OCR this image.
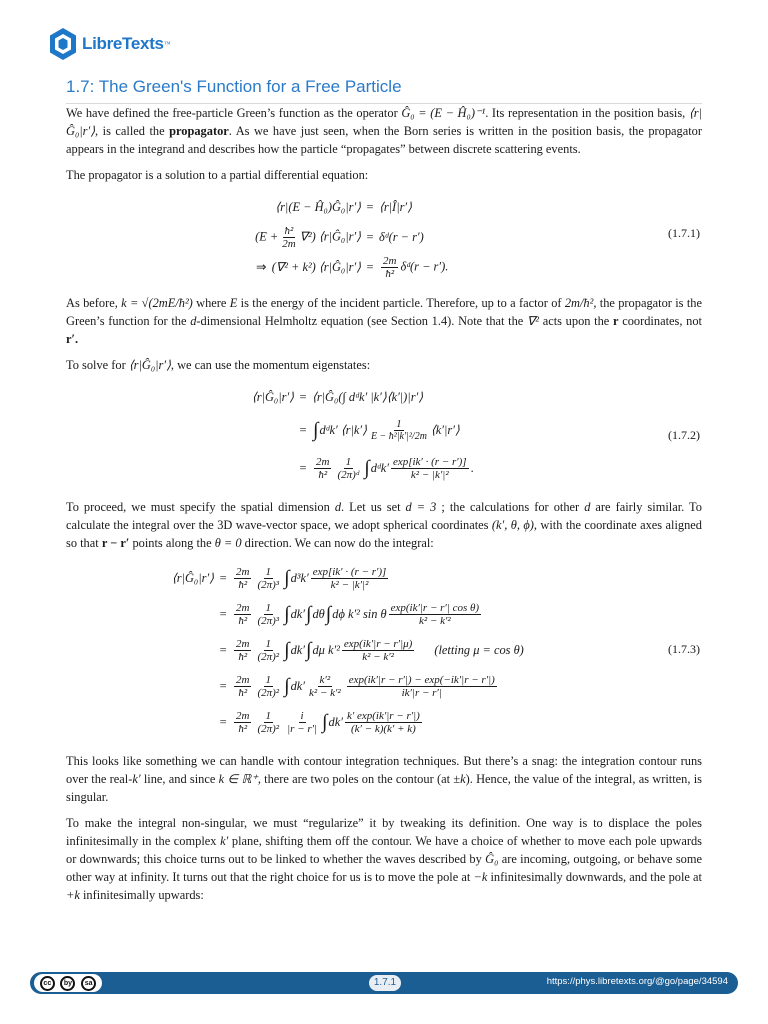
LibreTexts ™
1.7: The Green's Function for a Free Particle

We have defined the free-particle Green’s function as the operator Ĝ₀ = (E − Ĥ₀)⁻¹. Its representation in the position basis, ⟨r|Ĝ₀|r′⟩, is called the propagator. As we have just seen, when the Born series is written in the position basis, the propagator appears in the integrand and describes how the particle “propagates” between discrete scattering events.

The propagator is a solution to a partial differential equation:

(1.7.1)
⟨r|(E − Ĥ₀)Ĝ₀|r′⟩ = ⟨r|Î|r′⟩
$(E + \frac{\text{ħ²}}{2m} \nabla^2)$ ⟨r|Ĝ₀|r′⟩ = δᵈ(r − r′)
⇒ (∇² + k²) ⟨r|Ĝ₀|r′⟩ = $\frac{2m}{\text{ħ²}}$ δᵈ(r − r′).

As before, k = √(2mE/ħ²) where E is the energy of the incident particle. Therefore, up to a factor of 2m/ħ², the propagator is the Green’s function for the d-dimensional Helmholtz equation (see Section 1.4). Note that the ∇² acts upon the r coordinates, not r′.

To solve for ⟨r|Ĝ₀|r′⟩, we can use the momentum eigenstates:

(1.7.2)
⟨r|Ĝ₀|r′⟩ = ⟨r|Ĝ₀(∫ dᵈk′ |k′⟩⟨k′|)|r′⟩
= ∫ dᵈk′ ⟨r|k′⟩ $\frac{1}{\text{E − ħ²|k′|²/2m}}$ ⟨k′|r′⟩
= $\frac{2m}{\text{ħ²}} \frac{1}{\text{(2π)ᵈ}}$ ∫ dᵈk′ $\frac{\exp[ik' \cdot (r - r')]}{\text{k² − |k′|²}}$ .

To proceed, we must specify the spatial dimension d. Let us set d = 3 ; the calculations for other d are fairly similar. To calculate the integral over the 3D wave-vector space, we adopt spherical coordinates (k′, θ, ϕ), with the coordinate axes aligned so that r − r′ points along the θ = 0 direction. We can now do the integral:

(1.7.3)
⟨r|Ĝ₀|r′⟩ = $\frac{2m}{\text{ħ²}} \frac{1}{\text{(2π)³}}$ ∫ $d^3k' \frac{\exp[ik' \cdot (r - r')]}{\text{k² − |k′|²}}$
= $\frac{2m}{\text{ħ²}} \frac{1}{\text{(2π)³}}$ ∫ dk′ ∫ dθ ∫ dϕ k′² sin θ $\frac{\text{exp(ik′|r − r′| cos θ)}}{\text{k² − k′²}}$
= $\frac{2m}{\text{ħ²}} \frac{1}{\text{(2π)²}}$ ∫ dk′ ∫ dμ $k'^2 \frac{\exp(ik'|r - r'|\mu)}{\text{k² − k′²}}$ (letting μ = cos θ)
= $\frac{2m}{\text{ħ²}} \frac{1}{\text{(2π)²}}$ ∫ $dk' \frac{\text{k′²}}{\text{k² − k′²}} \frac{\exp(ik'|r - r'|) - \exp(-ik'|r - r'|)}{ik'|r - r'|}$
= $\frac{2m}{\text{ħ²}} \frac{1}{\text{(2π)²}} \frac{i}{|r - r'|}$ ∫ $dk' \frac{k' \exp(ik'|r - r'|)}{(k' - k)(k' + k)}$

This looks like something we can handle with contour integration techniques. But there’s a snag: the integration contour runs over the real-k′ line, and since k ∈ ℝ⁺, there are two poles on the contour (at ±k). Hence, the value of the integral, as written, is singular.

To make the integral non-singular, we must “regularize” it by tweaking its definition. One way is to displace the poles infinitesimally in the complex k′ plane, shifting them off the contour. We have a choice of whether to move each pole upwards or downwards; this choice turns out to be linked to whether the waves described by Ĝ₀ are incoming, outgoing, or behave some other way at infinity. It turns out that the right choice for us is to move the pole at −k infinitesimally downwards, and the pole at +k infinitesimally upwards:

cc	by	sa	1.7.1	https://phys.libretexts.org/@go/page/34594
